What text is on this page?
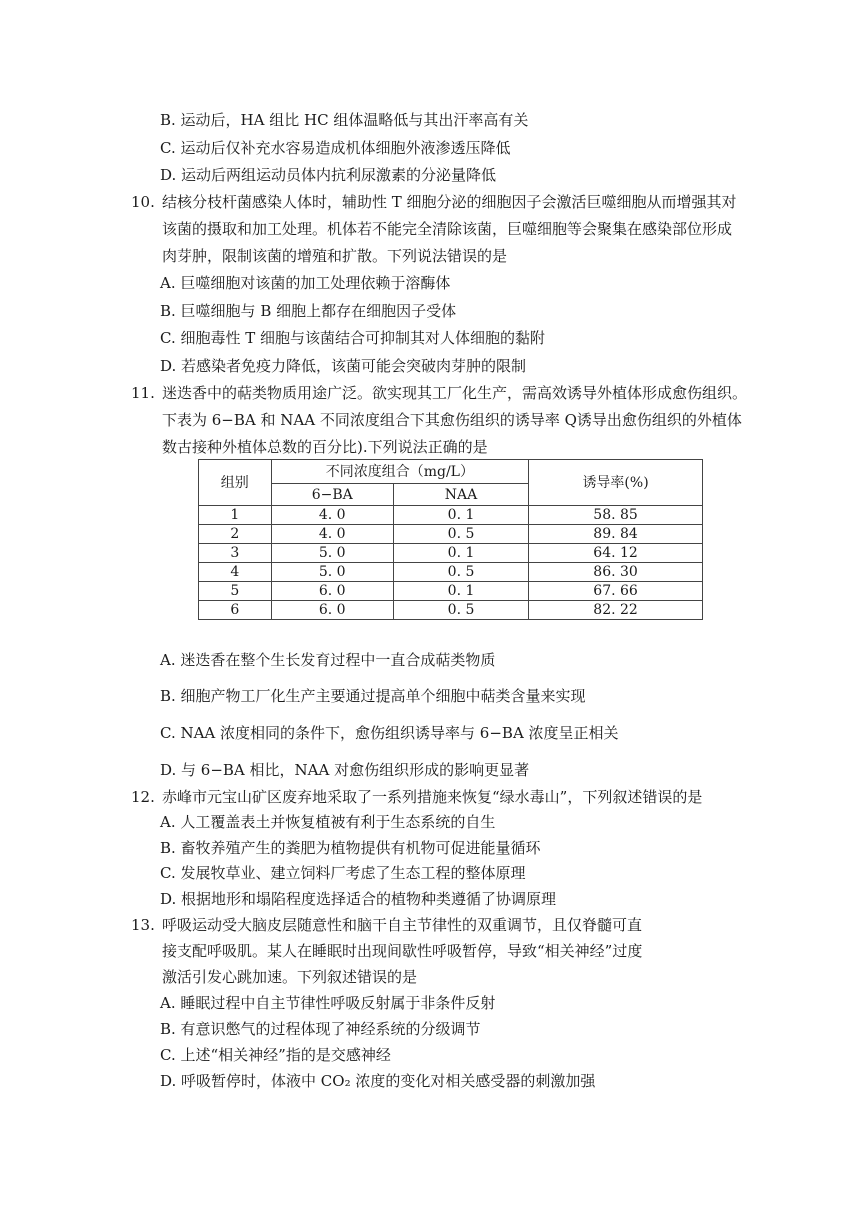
B. 运动后，HA 组比 HC 组体温略低与其出汗率高有关
C. 运动后仅补充水容易造成机体细胞外液渗透压降低
D. 运动后两组运动员体内抗利尿激素的分泌量降低
10. 结核分枝杆菌感染人体时，辅助性 T 细胞分泌的细胞因子会激活巨噬细胞从而增强其对
该菌的摄取和加工处理。机体若不能完全清除该菌，巨噬细胞等会聚集在感染部位形成
肉芽肿，限制该菌的增殖和扩散。下列说法错误的是
A. 巨噬细胞对该菌的加工处理依赖于溶酶体
B. 巨噬细胞与 B 细胞上都存在细胞因子受体
C. 细胞毒性 T 细胞与该菌结合可抑制其对人体细胞的黏附
D. 若感染者免疫力降低，该菌可能会突破肉芽肿的限制
11. 迷迭香中的萜类物质用途广泛。欲实现其工厂化生产，需高效诱导外植体形成愈伤组织。
下表为 6−BA 和 NAA 不同浓度组合下其愈伤组织的诱导率 Q诱导出愈伤组织的外植体
数古接种外植体总数的百分比).下列说法正确的是
组别	不同浓度组合（mg/L）		诱导率(%)
	6−BA	NAA	
1	4. 0	0. 1	58. 85
2	4. 0	0. 5	89. 84
3	5. 0	0. 1	64. 12
4	5. 0	0. 5	86. 30
5	6. 0	0. 1	67. 66
6	6. 0	0. 5	82. 22
A. 迷迭香在整个生长发育过程中一直合成萜类物质
B. 细胞产物工厂化生产主要通过提高单个细胞中萜类含量来实现
C. NAA 浓度相同的条件下，愈伤组织诱导率与 6−BA 浓度呈正相关
D. 与 6−BA 相比，NAA 对愈伤组织形成的影响更显著
12. 赤峰市元宝山矿区废弃地采取了一系列措施来恢复“绿水毒山”，下列叙述错误的是
A. 人工覆盖表土并恢复植被有利于生态系统的自生
B. 畜牧养殖产生的粪肥为植物提供有机物可促进能量循环
C. 发展牧草业、建立饲料厂考虑了生态工程的整体原理
D. 根据地形和塌陷程度选择适合的植物种类遵循了协调原理
13. 呼吸运动受大脑皮层随意性和脑干自主节律性的双重调节，且仅脊髓可直
接支配呼吸肌。某人在睡眠时出现间歇性呼吸暂停，导致“相关神经”过度
激活引发心跳加速。下列叙述错误的是
A. 睡眠过程中自主节律性呼吸反射属于非条件反射
B. 有意识憋气的过程体现了神经系统的分级调节
C. 上述“相关神经”指的是交感神经
D. 呼吸暂停时，体液中 CO₂ 浓度的变化对相关感受器的刺激加强
